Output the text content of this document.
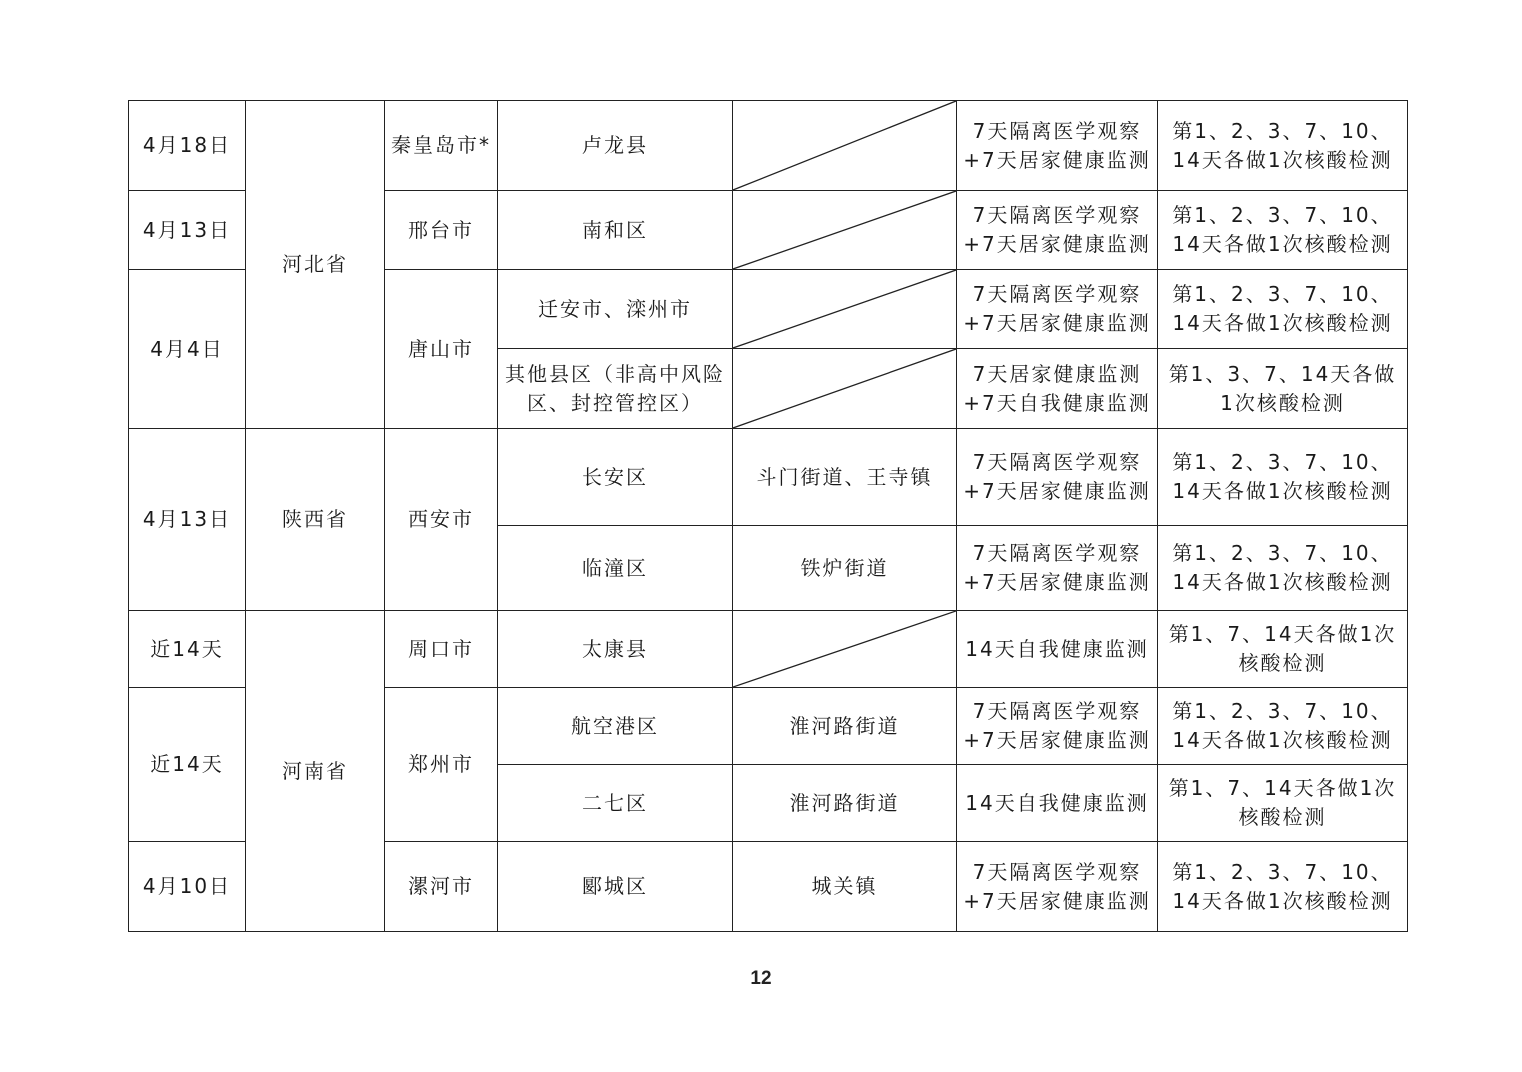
4月18日	河北省	秦皇岛市*	卢龙县		7天隔离医学观察+7天居家健康监测	第1、2、3、7、10、14天各做1次核酸检测
4月13日		邢台市	南和区		7天隔离医学观察+7天居家健康监测	第1、2、3、7、10、14天各做1次核酸检测
4月4日		唐山市	迁安市、滦州市		7天隔离医学观察+7天居家健康监测	第1、2、3、7、10、14天各做1次核酸检测
			其他县区（非高中风险区、封控管控区）		7天居家健康监测+7天自我健康监测	第1、3、7、14天各做1次核酸检测
4月13日	陕西省	西安市	长安区	斗门街道、王寺镇	7天隔离医学观察+7天居家健康监测	第1、2、3、7、10、14天各做1次核酸检测
			临潼区	铁炉街道	7天隔离医学观察+7天居家健康监测	第1、2、3、7、10、14天各做1次核酸检测
近14天	河南省	周口市	太康县		14天自我健康监测	第1、7、14天各做1次核酸检测
近14天		郑州市	航空港区	淮河路街道	7天隔离医学观察+7天居家健康监测	第1、2、3、7、10、14天各做1次核酸检测
			二七区	淮河路街道	14天自我健康监测	第1、7、14天各做1次核酸检测
4月10日		漯河市	郾城区	城关镇	7天隔离医学观察+7天居家健康监测	第1、2、3、7、10、14天各做1次核酸检测
12
